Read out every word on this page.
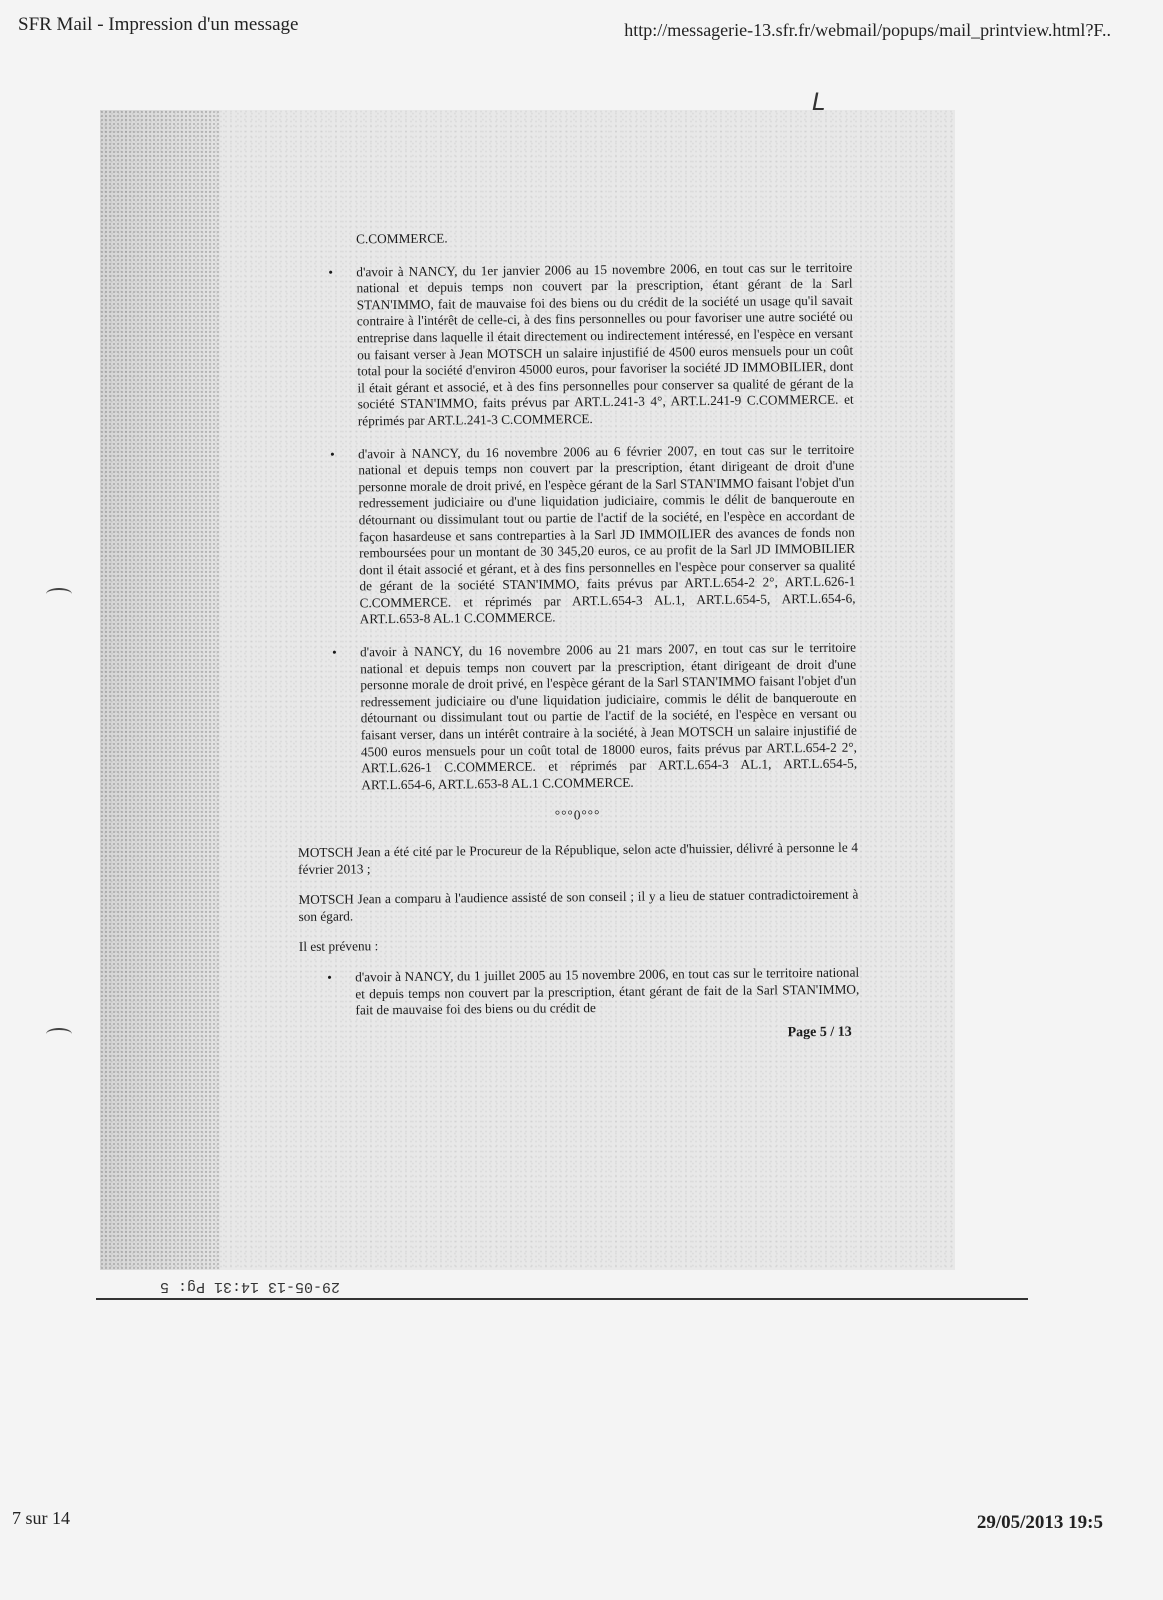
SFR Mail - Impression d'un message	http://messagerie-13.sfr.fr/webmail/popups/mail_printview.html?F..
L
C.COMMERCE.
• d'avoir à NANCY, du 1er janvier 2006 au 15 novembre 2006, en tout cas sur le territoire national et depuis temps non couvert par la prescription, étant gérant de la Sarl STAN'IMMO, fait de mauvaise foi des biens ou du crédit de la société un usage qu'il savait contraire à l'intérêt de celle-ci, à des fins personnelles ou pour favoriser une autre société ou entreprise dans laquelle il était directement ou indirectement intéressé, en l'espèce en versant ou faisant verser à Jean MOTSCH un salaire injustifié de 4500 euros mensuels pour un coût total pour la société d'environ 45000 euros, pour favoriser la société JD IMMOBILIER, dont il était gérant et associé, et à des fins personnelles pour conserver sa qualité de gérant de la société STAN'IMMO, faits prévus par ART.L.241-3 4°, ART.L.241-9 C.COMMERCE. et réprimés par ART.L.241-3 C.COMMERCE.
• d'avoir à NANCY, du 16 novembre 2006 au 6 février 2007, en tout cas sur le territoire national et depuis temps non couvert par la prescription, étant dirigeant de droit d'une personne morale de droit privé, en l'espèce gérant de la Sarl STAN'IMMO faisant l'objet d'un redressement judiciaire ou d'une liquidation judiciaire, commis le délit de banqueroute en détournant ou dissimulant tout ou partie de l'actif de la société, en l'espèce en accordant de façon hasardeuse et sans contreparties à la Sarl JD IMMOILIER des avances de fonds non remboursées pour un montant de 30 345,20 euros, ce au profit de la Sarl JD IMMOBILIER dont il était associé et gérant, et à des fins personnelles en l'espèce pour conserver sa qualité de gérant de la société STAN'IMMO, faits prévus par ART.L.654-2 2°, ART.L.626-1 C.COMMERCE. et réprimés par ART.L.654-3 AL.1, ART.L.654-5, ART.L.654-6, ART.L.653-8 AL.1 C.COMMERCE.
• d'avoir à NANCY, du 16 novembre 2006 au 21 mars 2007, en tout cas sur le territoire national et depuis temps non couvert par la prescription, étant dirigeant de droit d'une personne morale de droit privé, en l'espèce gérant de la Sarl STAN'IMMO faisant l'objet d'un redressement judiciaire ou d'une liquidation judiciaire, commis le délit de banqueroute en détournant ou dissimulant tout ou partie de l'actif de la société, en l'espèce en versant ou faisant verser, dans un intérêt contraire à la société, à Jean MOTSCH un salaire injustifié de 4500 euros mensuels pour un coût total de 18000 euros, faits prévus par ART.L.654-2 2°, ART.L.626-1 C.COMMERCE. et réprimés par ART.L.654-3 AL.1, ART.L.654-5, ART.L.654-6, ART.L.653-8 AL.1 C.COMMERCE.
°°°0°°°
MOTSCH Jean a été cité par le Procureur de la République, selon acte d'huissier, délivré à personne le 4 février 2013 ;
MOTSCH Jean a comparu à l'audience assisté de son conseil ; il y a lieu de statuer contradictoirement à son égard.
Il est prévenu :
• d'avoir à NANCY, du 1 juillet 2005 au 15 novembre 2006, en tout cas sur le territoire national et depuis temps non couvert par la prescription, étant gérant de fait de la Sarl STAN'IMMO, fait de mauvaise foi des biens ou du crédit de
Page 5 / 13
29-05-13 14:31 Pg: 5
7 sur 14	29/05/2013 19:5
